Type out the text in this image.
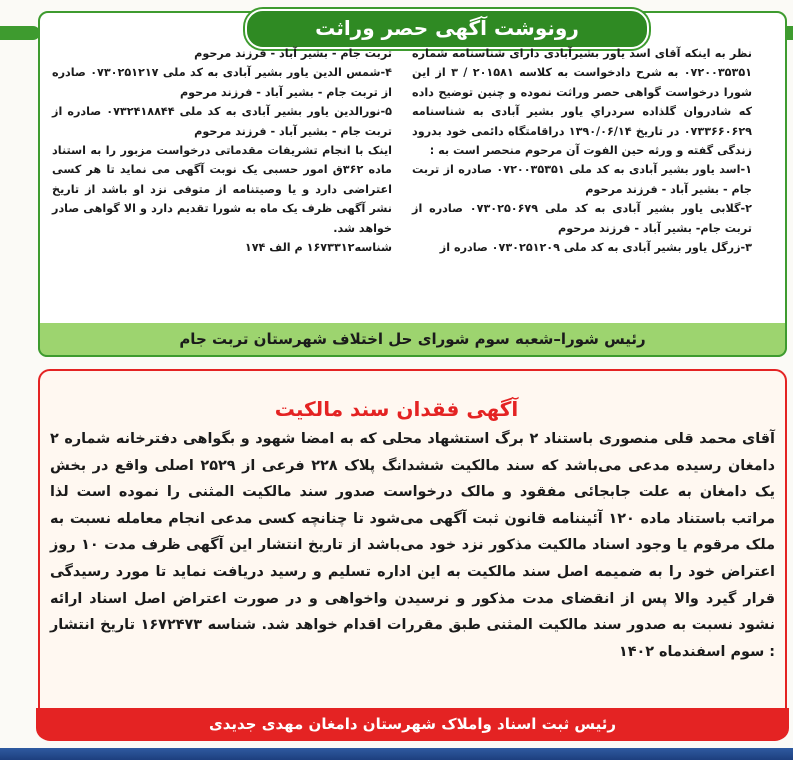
رونوشت آگهی حصر وراثت

نظر به اینکه آقای اسد یاور بشیرآبادی دارای شناسنامه شماره ۰۷۲۰۰۳۵۳۵۱ به شرح دادخواست به کلاسه ۲۰۱۵۸۱ / ۳ از این شورا درخواست گواهی حصر وراثت نموده و چنین توضیح داده که شادروان گلذاده سردراي یاور بشیر آبادی به شناسنامه ۰۷۳۳۶۶۰۶۲۹ در تاریخ ۱۳۹۰/۰۶/۱۴ دراقامتگاه دائمی خود بدرود زندگی گفته و ورثه حین الفوت آن مرحوم منحصر است به :

۱-اسد یاور بشیر آبادی به کد ملی ۰۷۲۰۰۳۵۳۵۱ صادره از تربت جام - بشیر آباد - فرزند مرحوم

۲-گلابی یاور بشیر آبادی به کد ملی ۰۷۳۰۲۵۰۶۷۹ صادره از تربت جام- بشیر آباد - فرزند مرحوم

۳-زرگل یاور بشیر آبادی به کد ملی ۰۷۳۰۲۵۱۲۰۹ صادره از

تربت جام - بشیر آباد - فرزند مرحوم

۴-شمس الدین یاور بشیر آبادی به کد ملی ۰۷۳۰۲۵۱۲۱۷ صادره از تربت جام - بشیر آباد - فرزند مرحوم

۵-نورالدین یاور بشیر آبادی به کد ملی ۰۷۳۲۴۱۸۸۴۴ صادره از تربت جام - بشیر آباد - فرزند مرحوم

اینک با انجام تشریفات مقدماتی درخواست مزبور را به استناد ماده ۳۶۲ق امور حسبی یک نوبت آگهی می نماید تا هر کسی اعتراضی دارد و یا وصیتنامه از متوفی نزد او باشد از تاریخ نشر آگهی ظرف یک ماه به شورا تقدیم دارد و الا گواهی صادر خواهد شد.

شناسه۱۶۷۳۳۱۲ م الف ۱۷۴

رئیس شورا–شعبه سوم شورای حل اختلاف شهرستان تربت جام
آگهی فقدان سند مالکیت

آقای محمد قلی منصوری باستناد ۲ برگ استشهاد محلی که به امضا شهود و بگواهی دفترخانه شماره ۲ دامغان رسیده مدعی می‌باشد که سند مالکیت ششدانگ پلاک ۲۲۸ فرعی از ۲۵۲۹ اصلی واقع در بخش یک دامغان به علت جابجائی مفقود و مالک درخواست صدور سند مالکیت المثنی را نموده است لذا مراتب باستناد ماده ۱۲۰ آئیننامه قانون ثبت آگهی می‌شود تا چنانچه کسی مدعی انجام معامله نسبت به ملک مرقوم یا وجود اسناد مالکیت مذکور نزد خود می‌باشد از تاریخ انتشار این آگهی ظرف مدت ۱۰ روز اعتراض خود را به ضمیمه اصل سند مالکیت به این اداره تسلیم و رسید دریافت نماید تا مورد رسیدگی قرار گیرد والا پس از انقضای مدت مذکور و نرسیدن واخواهی و در صورت اعتراض اصل اسناد ارائه نشود نسبت به صدور سند مالکیت المثنی طبق مقررات اقدام خواهد شد. شناسه ۱۶۷۲۴۷۳ تاریخ انتشار : سوم اسفندماه ۱۴۰۲

رئیس ثبت اسناد واملاک شهرستان دامغان مهدی جدیدی
